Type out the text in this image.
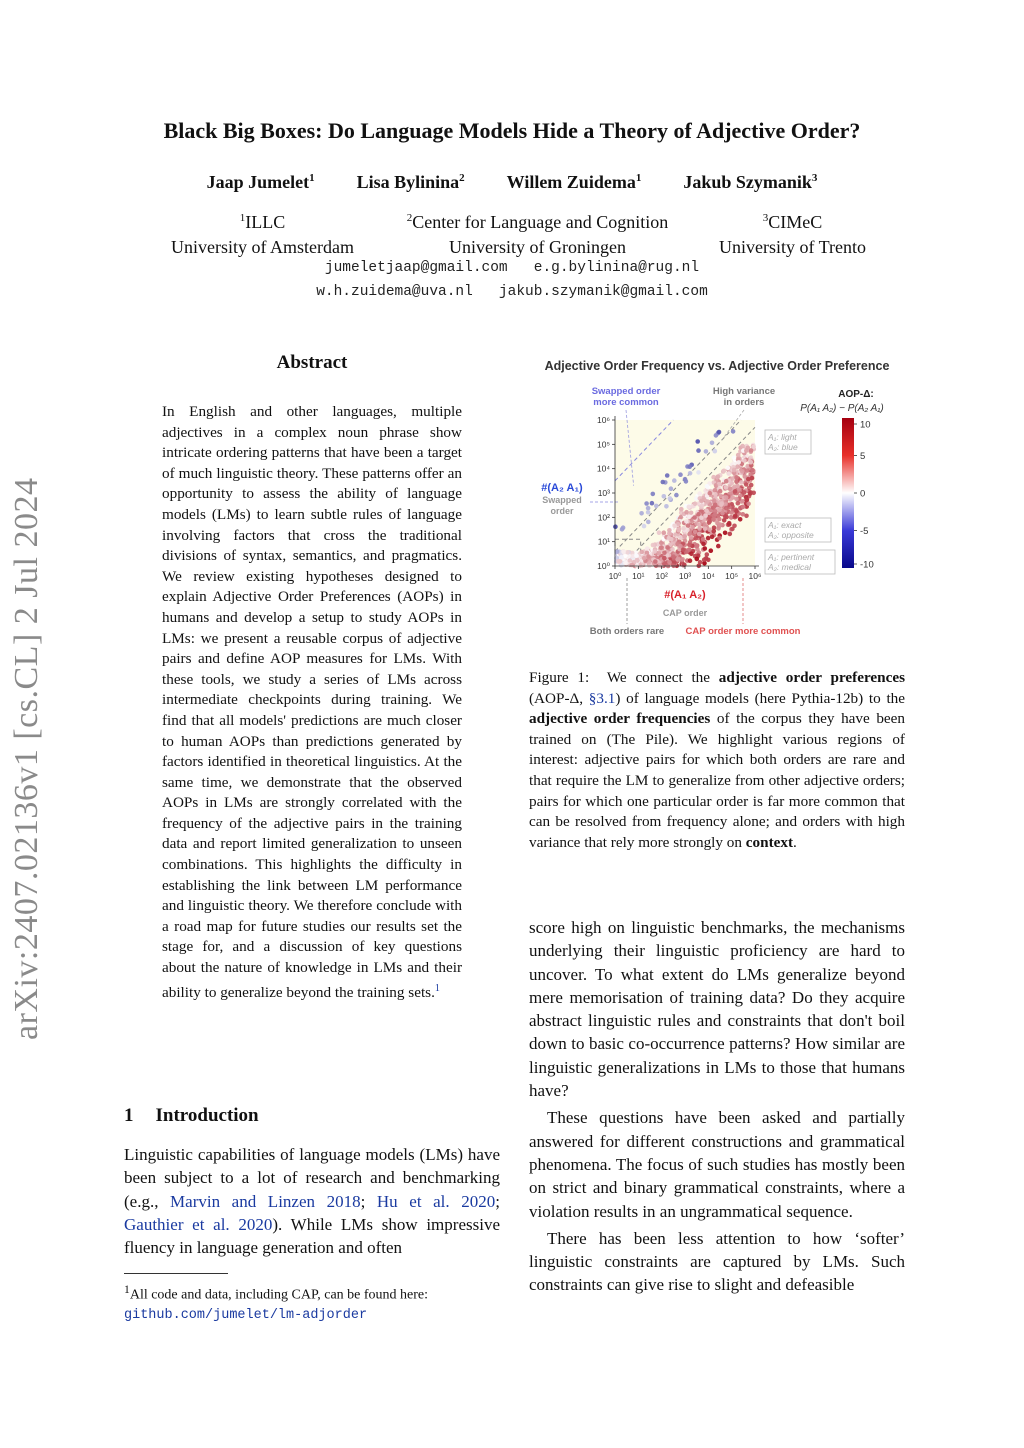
arXiv:2407.02136v1 [cs.CL] 2 Jul 2024
Black Big Boxes: Do Language Models Hide a Theory of Adjective Order?
Jaap Jumelet$^1$ Lisa Bylinina$^2$ Willem Zuidema$^1$ Jakub Szymanik$^3$
$^1$ILLC
University of Amsterdam
$^2$Center for Language and Cognition
University of Groningen
$^3$CIMeC
University of Trento
jumeletjaap@gmail.com   e.g.bylinina@rug.nl
w.h.zuidema@uva.nl   jakub.szymanik@gmail.com
Abstract
In English and other languages, multiple adjectives in a complex noun phrase show intricate ordering patterns that have been a target of much linguistic theory. These patterns offer an opportunity to assess the ability of language models (LMs) to learn subtle rules of language involving factors that cross the traditional divisions of syntax, semantics, and pragmatics. We review existing hypotheses designed to explain Adjective Order Preferences (AOPs) in humans and develop a setup to study AOPs in LMs: we present a reusable corpus of adjective pairs and define AOP measures for LMs. With these tools, we study a series of LMs across intermediate checkpoints during training. We find that all models' predictions are much closer to human AOPs than predictions generated by factors identified in theoretical linguistics. At the same time, we demonstrate that the observed AOPs in LMs are strongly correlated with the frequency of the adjective pairs in the training data and report limited generalization to unseen combinations. This highlights the difficulty in establishing the link between LM performance and linguistic theory. We therefore conclude with a road map for future studies our results set the stage for, and a discussion of key questions about the nature of knowledge in LMs and their ability to generalize beyond the training sets.$^1$
1 Introduction
Linguistic capabilities of language models (LMs) have been subject to a lot of research and benchmarking (e.g., Marvin and Linzen 2018; Hu et al. 2020; Gauthier et al. 2020). While LMs show impressive fluency in language generation and often
$^1$All code and data, including CAP, can be found here:
github.com/jumelet/lm-adjorder
Adjective Order Frequency vs. Adjective Order Preference
Swapped order more common
High variance in orders
10⁰ 10¹ 10² 10³ 10⁴ 10⁵ 10⁶
10⁰
10¹
10²
10³
10⁴
10⁵
10⁶
#(A₂ A₁)
Swapped order
#(A₁ A₂)
CAP order
Both orders rare CAP order more common
A₁: light
A₂: blue
A₁: exact
A₂: opposite
A₁: pertinent
A₂: medical
AOP-Δ:
P(A₁ A₂) − P(A₂ A₁)
10
5
0
-5
-10
Figure 1: We connect the adjective order preferences (AOP-Δ, §3.1) of language models (here Pythia-12b) to the adjective order frequencies of the corpus they have been trained on (The Pile). We highlight various regions of interest: adjective pairs for which both orders are rare and that require the LM to generalize from other adjective orders; pairs for which one particular order is far more common that can be resolved from frequency alone; and orders with high variance that rely more strongly on context.

score high on linguistic benchmarks, the mechanisms underlying their linguistic proficiency are hard to uncover. To what extent do LMs generalize beyond mere memorisation of training data? Do they acquire abstract linguistic rules and constraints that don't boil down to basic co-occurrence patterns? How similar are linguistic generalizations in LMs to those that humans have?

These questions have been asked and partially answered for different constructions and grammatical phenomena. The focus of such studies has mostly been on strict and binary grammatical constraints, where a violation results in an ungrammatical sequence.

There has been less attention to how ‘softer’ linguistic constraints are captured by LMs. Such constraints can give rise to slight and defeasible
